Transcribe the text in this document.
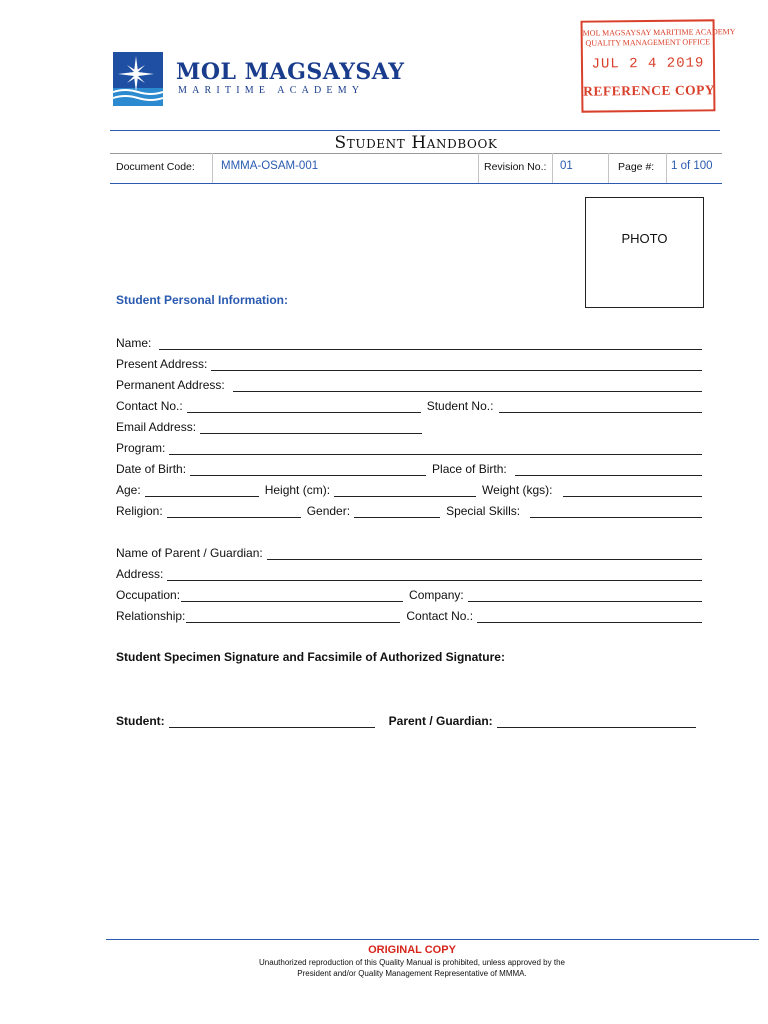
MOL MAGSAYSAY
MARITIME ACADEMY
MOL MAGSAYSAY MARITIME ACADEMY
QUALITY MANAGEMENT OFFICE
JUL 2 4 2019
REFERENCE COPY
Student Handbook
Document Code: MMMA-OSAM-001	Revision No.: 01	Page #: 1 of 100
PHOTO
Student Personal Information:
Name:
Present Address:
Permanent Address:
Contact No.:	Student No.:
Email Address:
Program:
Date of Birth:	Place of Birth:
Age:	Height (cm):	Weight (kgs):
Religion:	Gender:	Special Skills:
Name of Parent / Guardian:
Address:
Occupation:	Company:
Relationship:	Contact No.:
Student Specimen Signature and Facsimile of Authorized Signature:
Student:	Parent / Guardian:
ORIGINAL COPY
Unauthorized reproduction of this Quality Manual is prohibited, unless approved by the
President and/or Quality Management Representative of MMMA.
